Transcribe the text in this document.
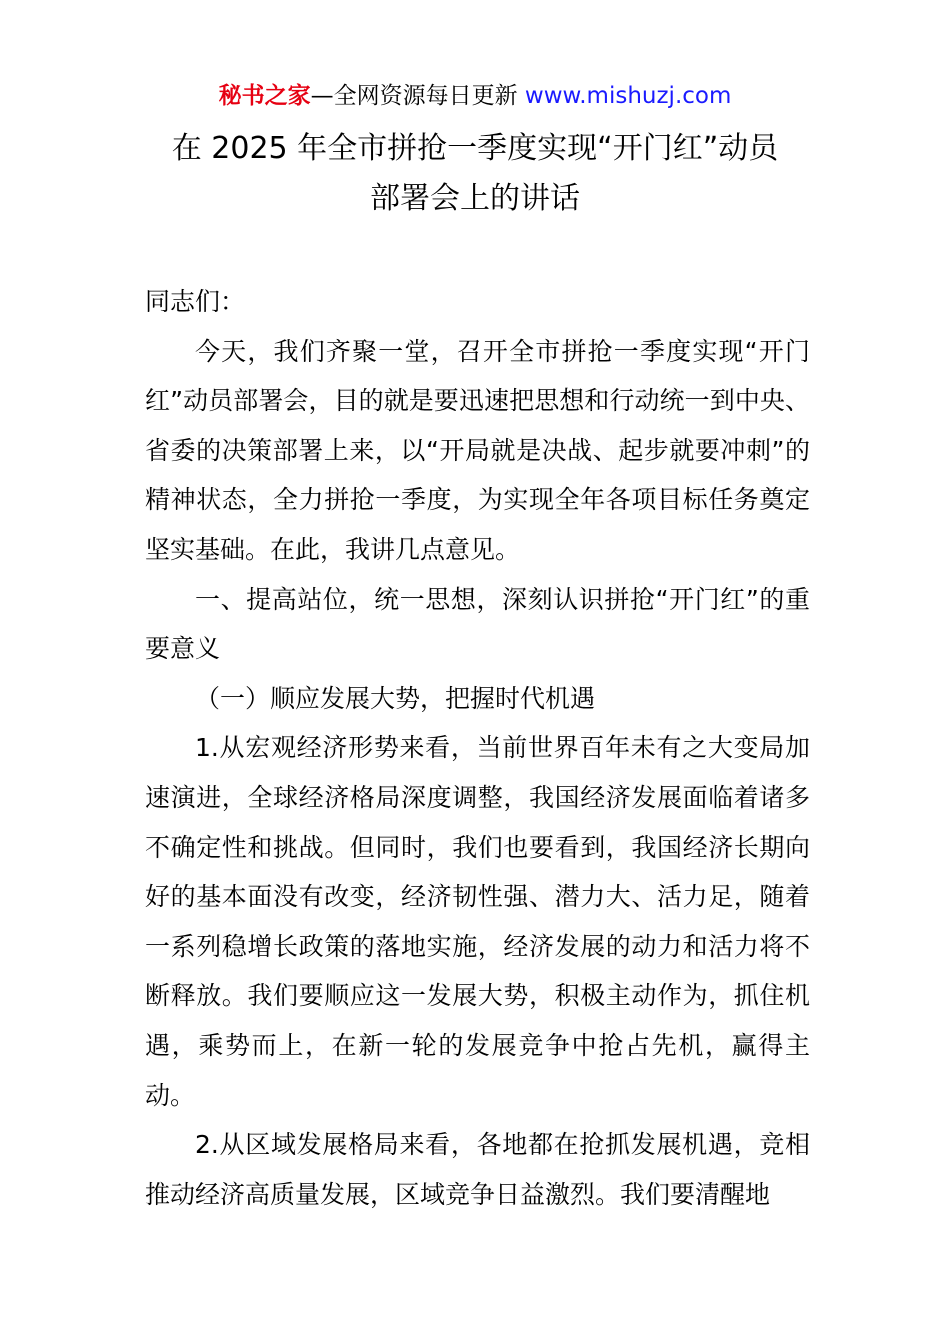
秘书之家—全网资源每日更新 www.mishuzj.com
在 2025 年全市拼抢一季度实现“开门红”动员
部署会上的讲话

同志们：

今天，我们齐聚一堂，召开全市拼抢一季度实现“开门红”动员部署会，目的就是要迅速把思想和行动统一到中央、省委的决策部署上来，以“开局就是决战、起步就要冲刺”的精神状态，全力拼抢一季度，为实现全年各项目标任务奠定坚实基础。在此，我讲几点意见。

一、提高站位，统一思想，深刻认识拼抢“开门红”的重要意义

（一）顺应发展大势，把握时代机遇

1.从宏观经济形势来看，当前世界百年未有之大变局加速演进，全球经济格局深度调整，我国经济发展面临着诸多不确定性和挑战。但同时，我们也要看到，我国经济长期向好的基本面没有改变，经济韧性强、潜力大、活力足，随着一系列稳增长政策的落地实施，经济发展的动力和活力将不断释放。我们要顺应这一发展大势，积极主动作为，抓住机遇，乘势而上，在新一轮的发展竞争中抢占先机，赢得主动。

2.从区域发展格局来看，各地都在抢抓发展机遇，竞相推动经济高质量发展，区域竞争日益激烈。我们要清醒地
